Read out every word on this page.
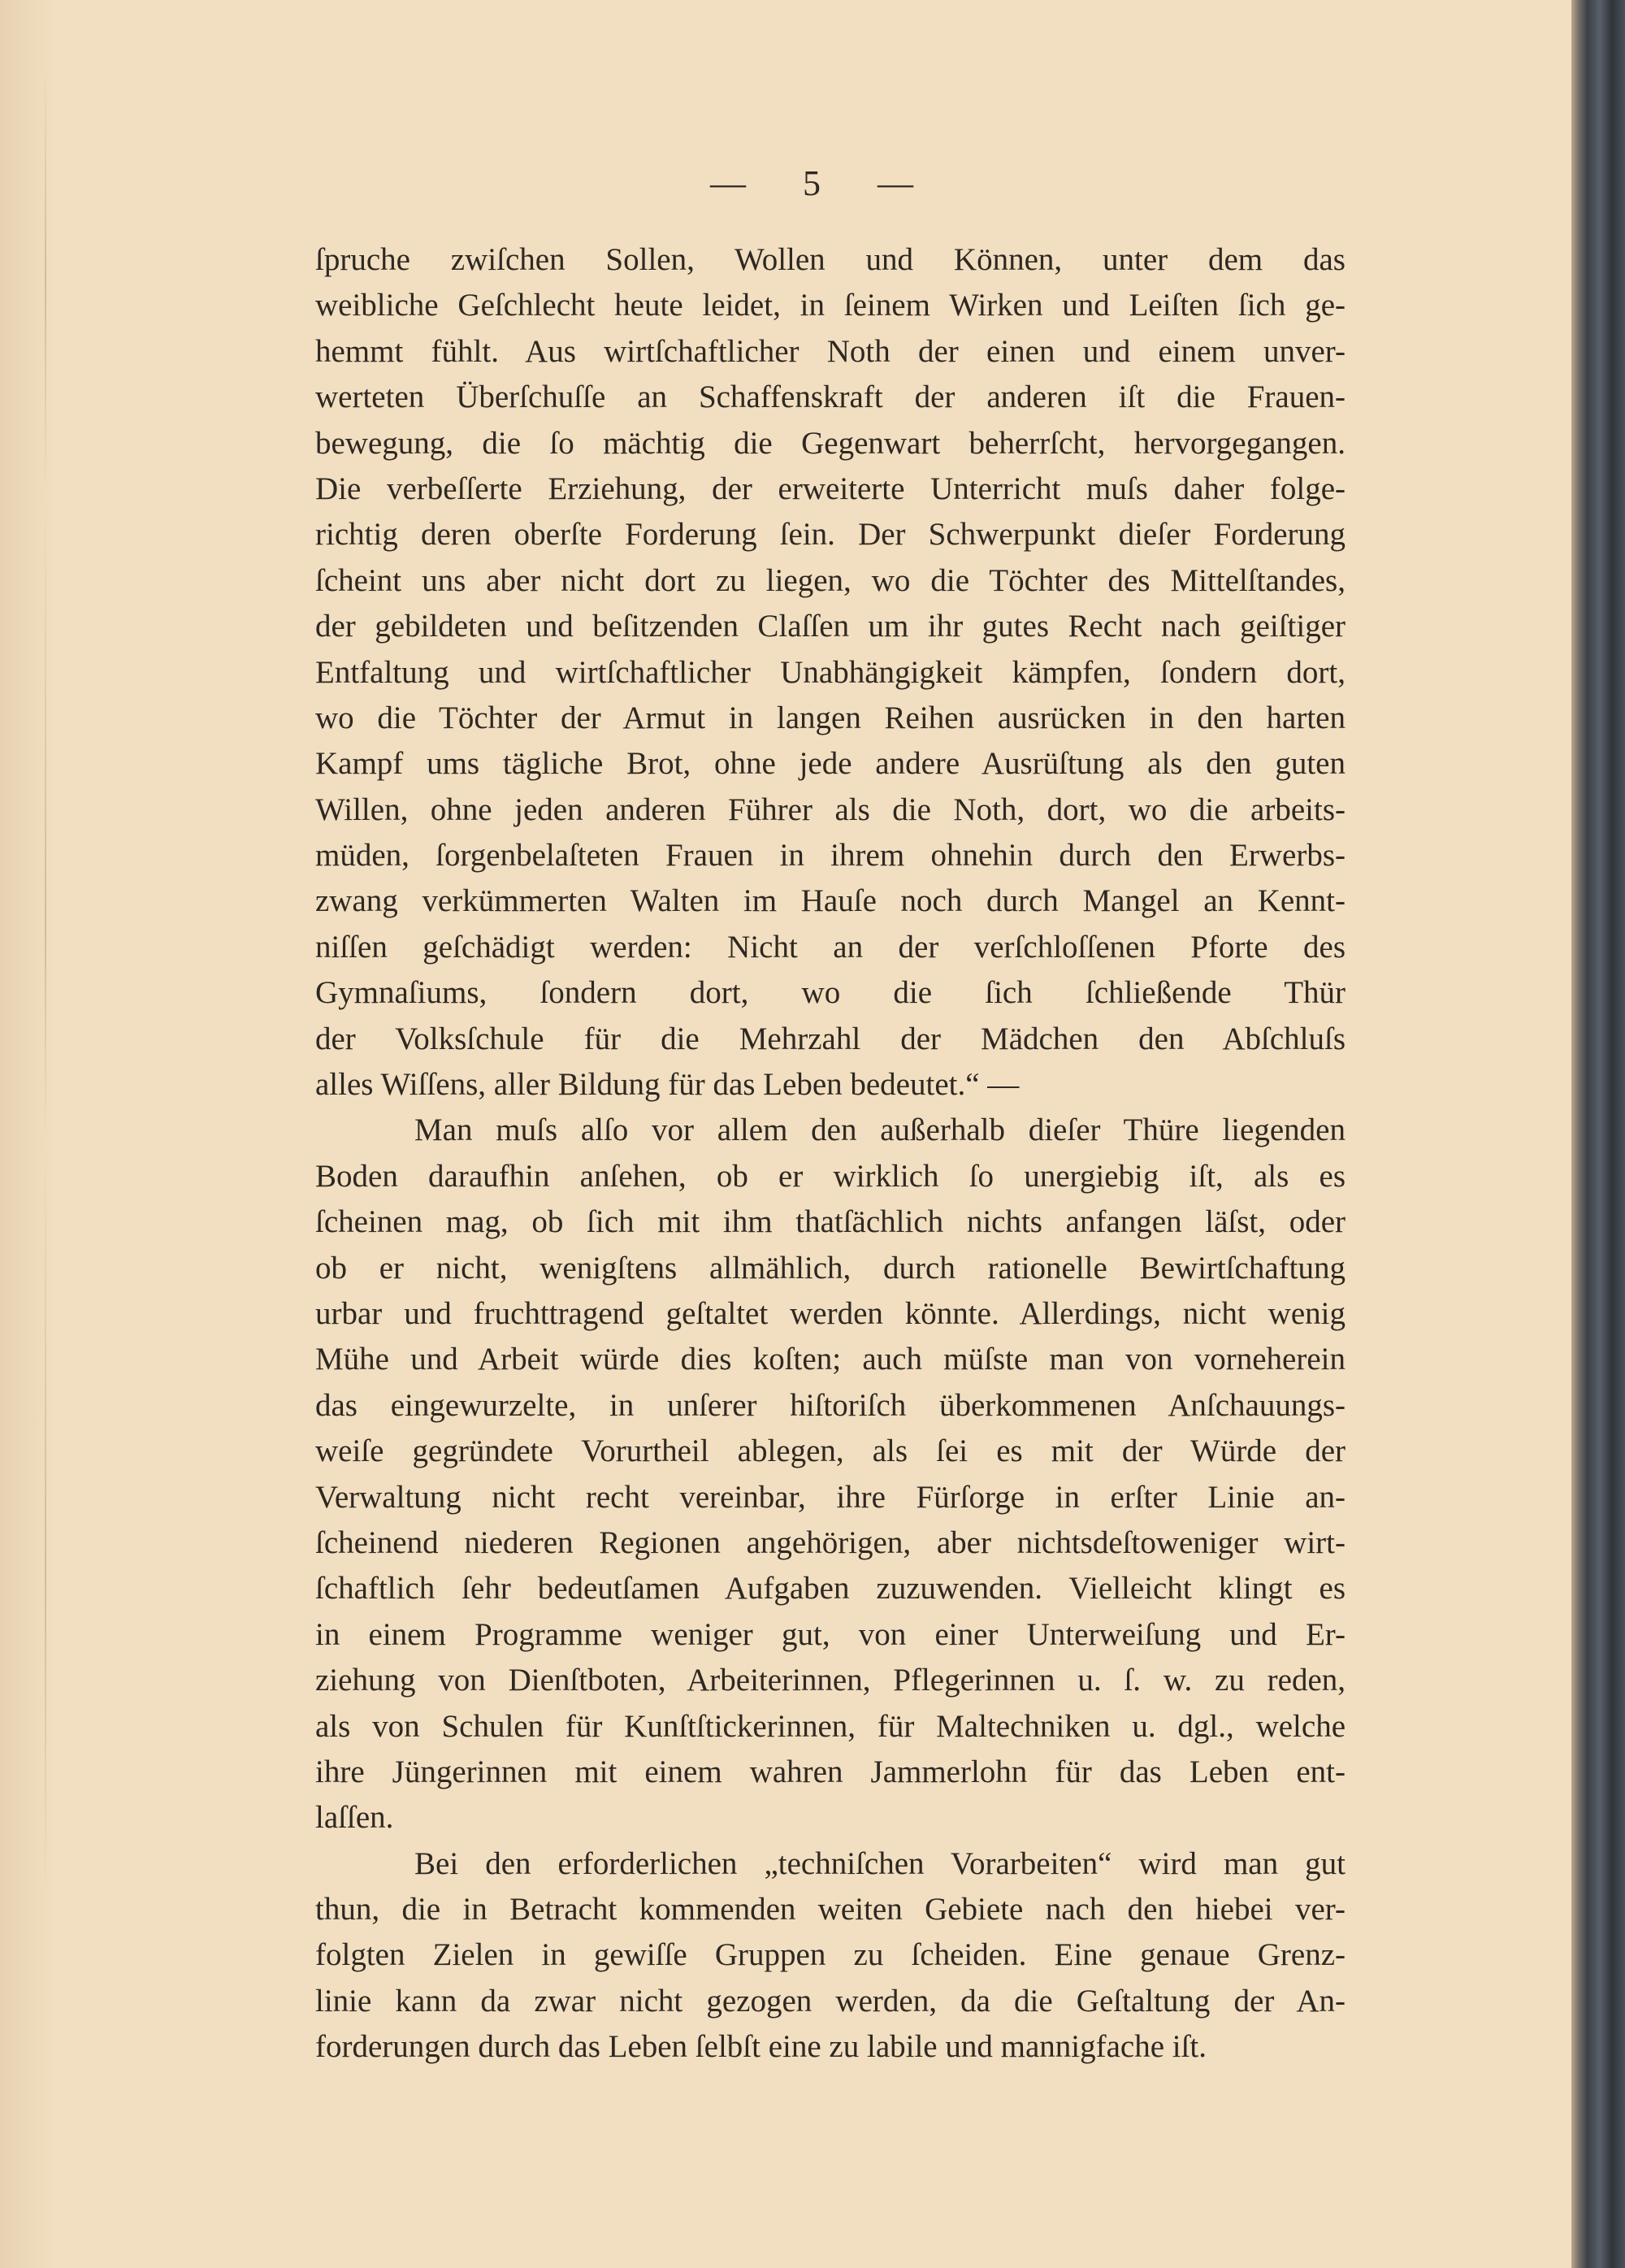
— 5 —
ſpruche zwiſchen Sollen, Wollen und Können, unter dem das
weibliche Geſchlecht heute leidet, in ſeinem Wirken und Leiſten ſich ge-
hemmt fühlt. Aus wirtſchaftlicher Noth der einen und einem unver-
werteten Überſchuſſe an Schaffenskraft der anderen iſt die Frauen-
bewegung, die ſo mächtig die Gegenwart beherrſcht, hervorgegangen.
Die verbeſſerte Erziehung, der erweiterte Unterricht muſs daher folge-
richtig deren oberſte Forderung ſein. Der Schwerpunkt dieſer Forderung
ſcheint uns aber nicht dort zu liegen, wo die Töchter des Mittelſtandes,
der gebildeten und beſitzenden Claſſen um ihr gutes Recht nach geiſtiger
Entfaltung und wirtſchaftlicher Unabhängigkeit kämpfen, ſondern dort,
wo die Töchter der Armut in langen Reihen ausrücken in den harten
Kampf ums tägliche Brot, ohne jede andere Ausrüſtung als den guten
Willen, ohne jeden anderen Führer als die Noth, dort, wo die arbeits-
müden, ſorgenbelaſteten Frauen in ihrem ohnehin durch den Erwerbs-
zwang verkümmerten Walten im Hauſe noch durch Mangel an Kennt-
niſſen geſchädigt werden: Nicht an der verſchloſſenen Pforte des
Gymnaſiums, ſondern dort, wo die ſich ſchließende Thür
der Volksſchule für die Mehrzahl der Mädchen den Abſchluſs
alles Wiſſens, aller Bildung für das Leben bedeutet.“ —
Man muſs alſo vor allem den außerhalb dieſer Thüre liegenden
Boden daraufhin anſehen, ob er wirklich ſo unergiebig iſt, als es
ſcheinen mag, ob ſich mit ihm thatſächlich nichts anfangen läſst, oder
ob er nicht, wenigſtens allmählich, durch rationelle Bewirtſchaftung
urbar und fruchttragend geſtaltet werden könnte. Allerdings, nicht wenig
Mühe und Arbeit würde dies koſten; auch müſste man von vorneherein
das eingewurzelte, in unſerer hiſtoriſch überkommenen Anſchauungs-
weiſe gegründete Vorurtheil ablegen, als ſei es mit der Würde der
Verwaltung nicht recht vereinbar, ihre Fürſorge in erſter Linie an-
ſcheinend niederen Regionen angehörigen, aber nichtsdeſtoweniger wirt-
ſchaftlich ſehr bedeutſamen Aufgaben zuzuwenden. Vielleicht klingt es
in einem Programme weniger gut, von einer Unterweiſung und Er-
ziehung von Dienſtboten, Arbeiterinnen, Pflegerinnen u. ſ. w. zu reden,
als von Schulen für Kunſtſtickerinnen, für Maltechniken u. dgl., welche
ihre Jüngerinnen mit einem wahren Jammerlohn für das Leben ent-
laſſen.
Bei den erforderlichen „techniſchen Vorarbeiten“ wird man gut
thun, die in Betracht kommenden weiten Gebiete nach den hiebei ver-
folgten Zielen in gewiſſe Gruppen zu ſcheiden. Eine genaue Grenz-
linie kann da zwar nicht gezogen werden, da die Geſtaltung der An-
forderungen durch das Leben ſelbſt eine zu labile und mannigfache iſt.
